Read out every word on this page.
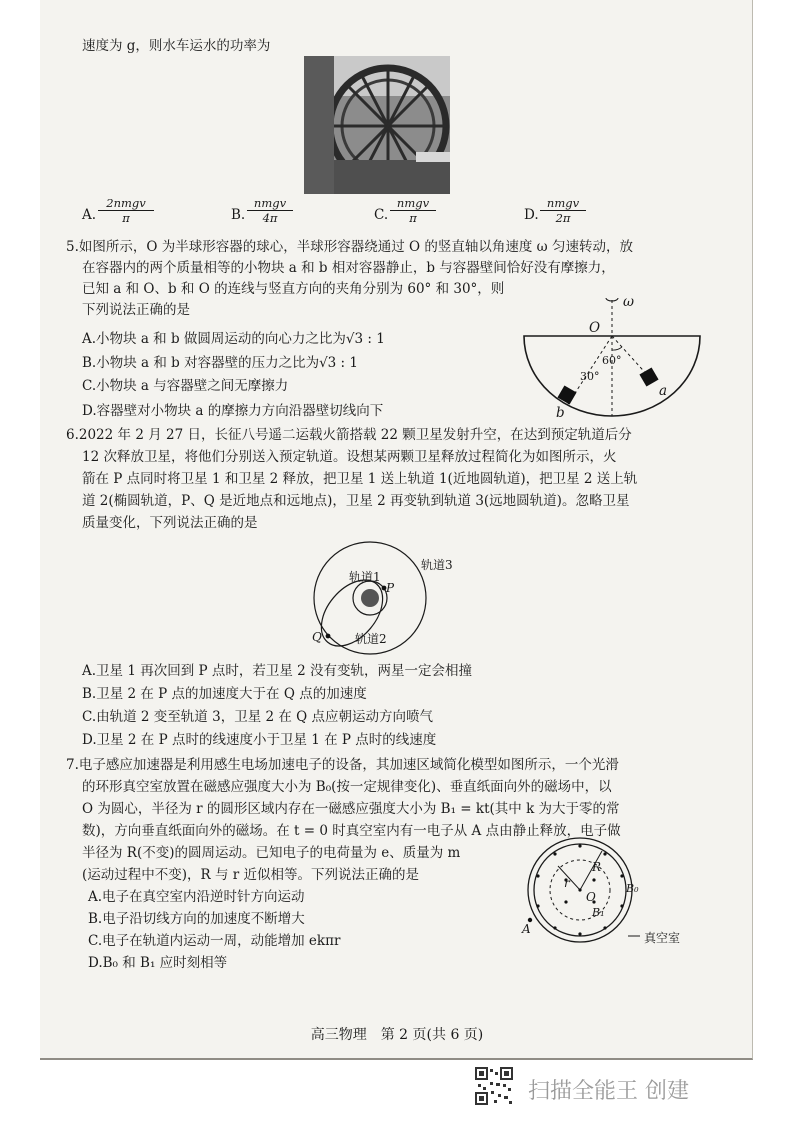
速度为 g，则水车运水的功率为
A.
2nmgv
π	B.
nmgv
4π	C.
nmgv
π	D.
nmgv
2π
5.如图所示，O 为半球形容器的球心，半球形容器绕通过 O 的竖直轴以角速度 ω 匀速转动，放
在容器内的两个质量相等的小物块 a 和 b 相对容器静止，b 与容器壁间恰好没有摩擦力，
已知 a 和 O、b 和 O 的连线与竖直方向的夹角分别为 60° 和 30°，则
下列说法正确的是
A.小物块 a 和 b 做圆周运动的向心力之比为√3 : 1
B.小物块 a 和 b 对容器壁的压力之比为√3 : 1
C.小物块 a 与容器壁之间无摩擦力
D.容器壁对小物块 a 的摩擦力方向沿器壁切线向下
ω
O
60°
30°
a
b
6.2022 年 2 月 27 日，长征八号遥二运载火箭搭载 22 颗卫星发射升空，在达到预定轨道后分
12 次释放卫星，将他们分别送入预定轨道。设想某两颗卫星释放过程简化为如图所示，火
箭在 P 点同时将卫星 1 和卫星 2 释放，把卫星 1 送上轨道 1(近地圆轨道)，把卫星 2 送上轨
道 2(椭圆轨道，P、Q 是近地点和远地点)，卫星 2 再变轨到轨道 3(远地圆轨道)。忽略卫星
质量变化，下列说法正确的是
轨道1
P
轨道3
Q	轨道2
A.卫星 1 再次回到 P 点时，若卫星 2 没有变轨，两星一定会相撞
B.卫星 2 在 P 点的加速度大于在 Q 点的加速度
C.由轨道 2 变至轨道 3，卫星 2 在 Q 点应朝运动方向喷气
D.卫星 2 在 P 点时的线速度小于卫星 1 在 P 点时的线速度
7.电子感应加速器是利用感生电场加速电子的设备，其加速区域简化模型如图所示，一个光滑
的环形真空室放置在磁感应强度大小为 B₀(按一定规律变化)、垂直纸面向外的磁场中，以
O 为圆心，半径为 r 的圆形区域内存在一磁感应强度大小为 B₁ = kt(其中 k 为大于零的常
数)，方向垂直纸面向外的磁场。在 t = 0 时真空室内有一电子从 A 点由静止释放，电子做
半径为 R(不变)的圆周运动。已知电子的电荷量为 e、质量为 m
(运动过程中不变)，R 与 r 近似相等。下列说法正确的是
A.电子在真空室内沿逆时针方向运动
B.电子沿切线方向的加速度不断增大
C.电子在轨道内运动一周，动能增加 ekπr
D.B₀ 和 B₁ 应时刻相等
R
r
O
B₀
B₁
A
真空室
高三物理　第 2 页(共 6 页)
扫描全能王 创建
